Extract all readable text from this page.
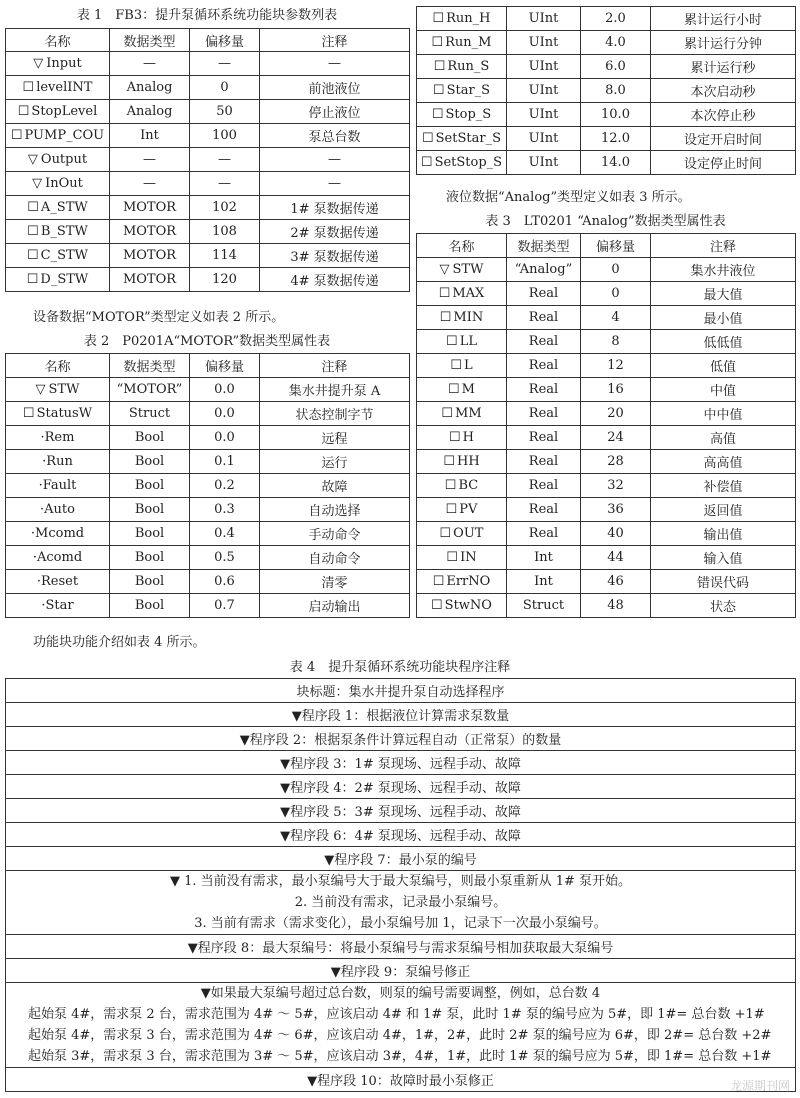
表 1　FB3：提升泵循环系统功能块参数列表
名称	数据类型	偏移量	注释
▽ Input	—	—	—
☐ levelINT	Analog	0	前池液位
☐ StopLevel	Analog	50	停止液位
☐ PUMP_COU	Int	100	泵总台数
▽ Output	—	—	—
▽ InOut	—	—	—
☐ A_STW	MOTOR	102	1# 泵数据传递
☐ B_STW	MOTOR	108	2# 泵数据传递
☐ C_STW	MOTOR	114	3# 泵数据传递
☐ D_STW	MOTOR	120	4# 泵数据传递
☐ Run_H	UInt	2.0	累计运行小时
☐ Run_M	UInt	4.0	累计运行分钟
☐ Run_S	UInt	6.0	累计运行秒
☐ Star_S	UInt	8.0	本次启动秒
☐ Stop_S	UInt	10.0	本次停止秒
☐ SetStar_S	UInt	12.0	设定开启时间
☐ SetStop_S	UInt	14.0	设定停止时间
液位数据“Analog”类型定义如表 3 所示。
表 3　LT0201 “Analog”数据类型属性表
名称	数据类型	偏移量	注释
▽ STW	“Analog”	0	集水井液位
☐ MAX	Real	0	最大值
☐ MIN	Real	4	最小值
☐ LL	Real	8	低低值
☐ L	Real	12	低值
☐ M	Real	16	中值
☐ MM	Real	20	中中值
☐ H	Real	24	高值
☐ HH	Real	28	高高值
☐ BC	Real	32	补偿值
☐ PV	Real	36	返回值
☐ OUT	Real	40	输出值
☐ IN	Int	44	输入值
☐ ErrNO	Int	46	错误代码
☐ StwNO	Struct	48	状态
设备数据“MOTOR”类型定义如表 2 所示。
表 2　P0201A“MOTOR”数据类型属性表
名称	数据类型	偏移量	注释
▽ STW	“MOTOR”	0.0	集水井提升泵 A
☐ StatusW	Struct	0.0	状态控制字节
·Rem	Bool	0.0	远程
·Run	Bool	0.1	运行
·Fault	Bool	0.2	故障
·Auto	Bool	0.3	自动选择
·Mcomd	Bool	0.4	手动命令
·Acomd	Bool	0.5	自动命令
·Reset	Bool	0.6	清零
·Star	Bool	0.7	启动输出
功能块功能介绍如表 4 所示。
表 4　提升泵循环系统功能块程序注释
块标题：集水井提升泵自动选择程序
▼程序段 1：根据液位计算需求泵数量
▼程序段 2：根据泵条件计算远程自动（正常泵）的数量
▼程序段 3：1# 泵现场、远程手动、故障
▼程序段 4：2# 泵现场、远程手动、故障
▼程序段 5：3# 泵现场、远程手动、故障
▼程序段 6：4# 泵现场、远程手动、故障
▼程序段 7：最小泵的编号

▼ 1. 当前没有需求，最小泵编号大于最大泵编号，则最小泵重新从 1# 泵开始。
2. 当前没有需求，记录最小泵编号。
3. 当前有需求（需求变化），最小泵编号加 1，记录下一次最小泵编号。

▼程序段 8：最大泵编号：将最小泵编号与需求泵编号相加获取最大泵编号
▼程序段 9：泵编号修正

▼如果最大泵编号超过总台数，则泵的编号需要调整，例如，总台数 4
起始泵 4#，需求泵 2 台，需求范围为 4# ～ 5#，应该启动 4# 和 1# 泵，此时 1# 泵的编号应为 5#，即 1#= 总台数 +1#
起始泵 4#，需求泵 3 台，需求范围为 4# ～ 6#，应该启动 4#，1#，2#，此时 2# 泵的编号应为 6#，即 2#= 总台数 +2#
起始泵 3#，需求泵 3 台，需求范围为 3# ～ 5#，应该启动 3#，4#，1#，此时 1# 泵的编号应为 5#，即 1#= 总台数 +1#

▼程序段 10：故障时最小泵修正	龙源期刊网
